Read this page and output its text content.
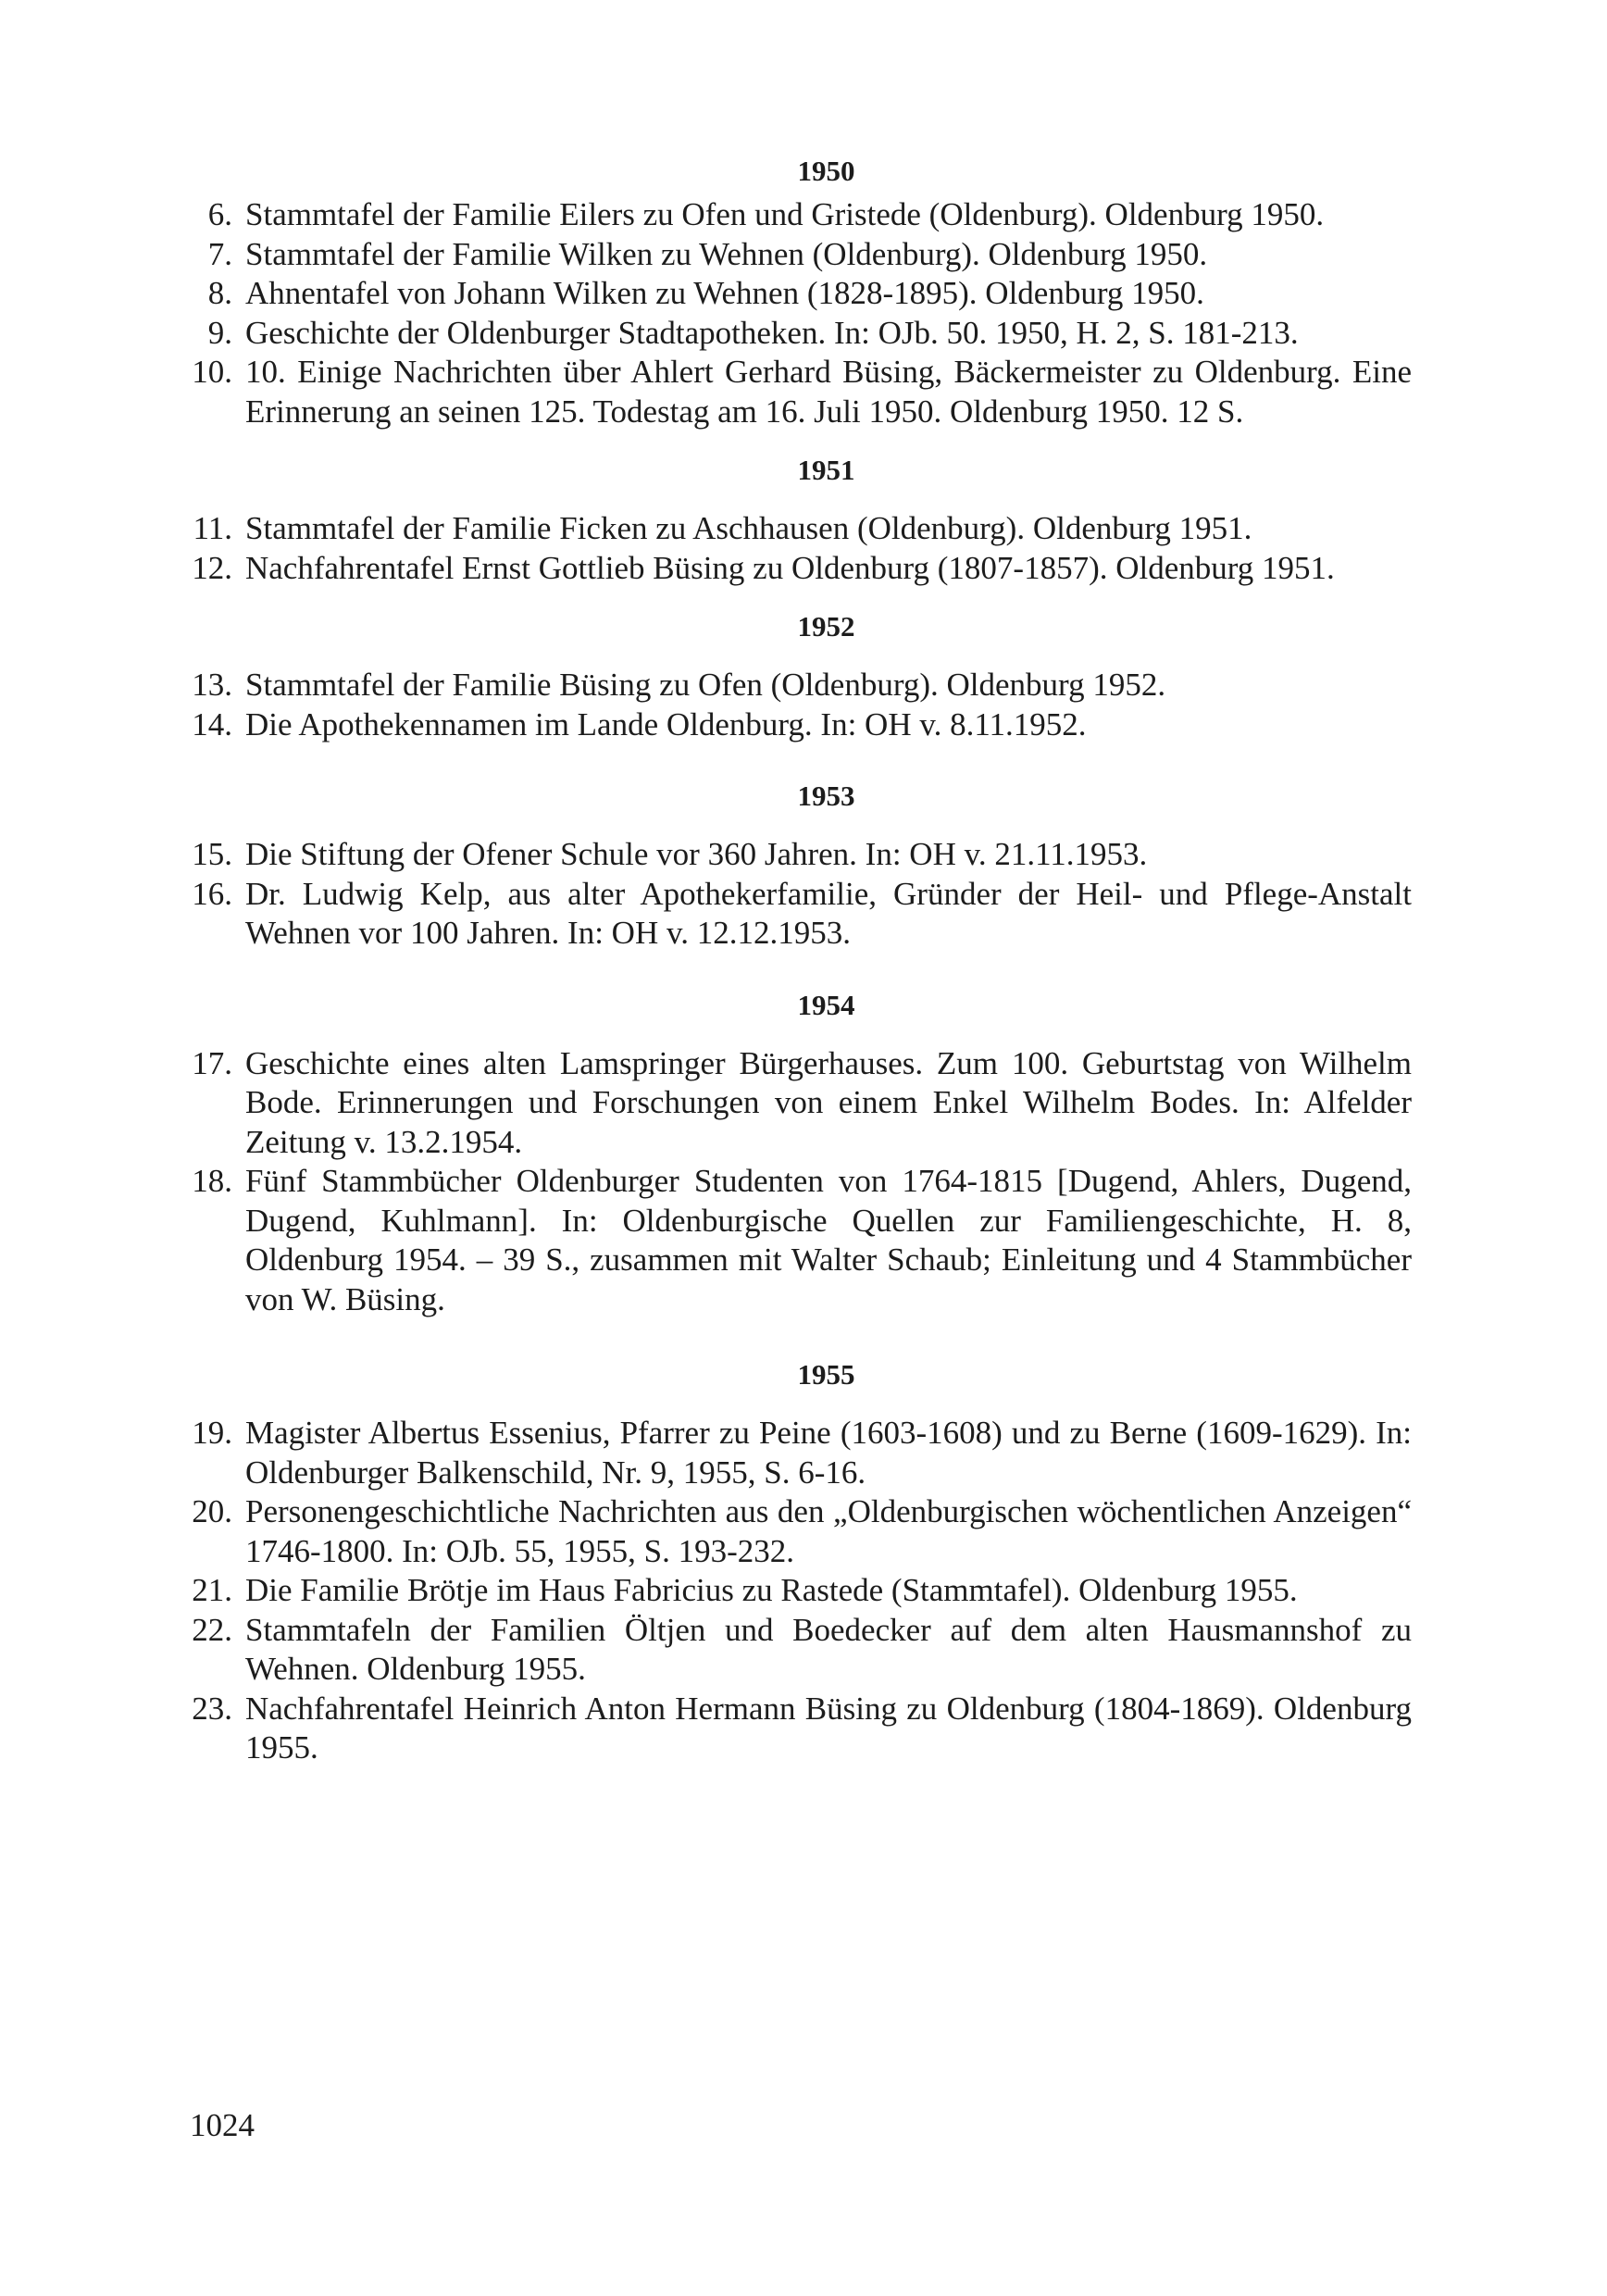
1950
6. Stammtafel der Familie Eilers zu Ofen und Gristede (Oldenburg). Oldenburg 1950.
7. Stammtafel der Familie Wilken zu Wehnen (Oldenburg). Oldenburg 1950.
8. Ahnentafel von Johann Wilken zu Wehnen (1828-1895). Oldenburg 1950.
9. Geschichte der Oldenburger Stadtapotheken. In: OJb. 50. 1950, H. 2, S. 181-213.
10. 10. Einige Nachrichten über Ahlert Gerhard Büsing, Bäckermeister zu Oldenburg. Eine Erinnerung an seinen 125. Todestag am 16. Juli 1950. Oldenburg 1950. 12 S.
1951
11. Stammtafel der Familie Ficken zu Aschhausen (Oldenburg). Oldenburg 1951.
12. Nachfahrentafel Ernst Gottlieb Büsing zu Oldenburg (1807-1857). Oldenburg 1951.
1952
13. Stammtafel der Familie Büsing zu Ofen (Oldenburg). Oldenburg 1952.
14. Die Apothekennamen im Lande Oldenburg. In: OH v. 8.11.1952.
1953
15. Die Stiftung der Ofener Schule vor 360 Jahren. In: OH v. 21.11.1953.
16. Dr. Ludwig Kelp, aus alter Apothekerfamilie, Gründer der Heil- und Pflege-Anstalt Wehnen vor 100 Jahren. In: OH v. 12.12.1953.
1954
17. Geschichte eines alten Lamspringer Bürgerhauses. Zum 100. Geburtstag von Wilhelm Bode. Erinnerungen und Forschungen von einem Enkel Wilhelm Bodes. In: Alfelder Zeitung v. 13.2.1954.
18. Fünf Stammbücher Oldenburger Studenten von 1764-1815 [Dugend, Ahlers, Dugend, Dugend, Kuhlmann]. In: Oldenburgische Quellen zur Familiengeschichte, H. 8, Oldenburg 1954. – 39 S., zusammen mit Walter Schaub; Einleitung und 4 Stammbücher von W. Büsing.
1955
19. Magister Albertus Essenius, Pfarrer zu Peine (1603-1608) und zu Berne (1609-1629). In: Oldenburger Balkenschild, Nr. 9, 1955, S. 6-16.
20. Personengeschichtliche Nachrichten aus den „Oldenburgischen wöchentlichen Anzeigen“ 1746-1800. In: OJb. 55, 1955, S. 193-232.
21. Die Familie Brötje im Haus Fabricius zu Rastede (Stammtafel). Oldenburg 1955.
22. Stammtafeln der Familien Öltjen und Boedecker auf dem alten Hausmannshof zu Wehnen. Oldenburg 1955.
23. Nachfahrentafel Heinrich Anton Hermann Büsing zu Oldenburg (1804-1869). Oldenburg 1955.
1024
